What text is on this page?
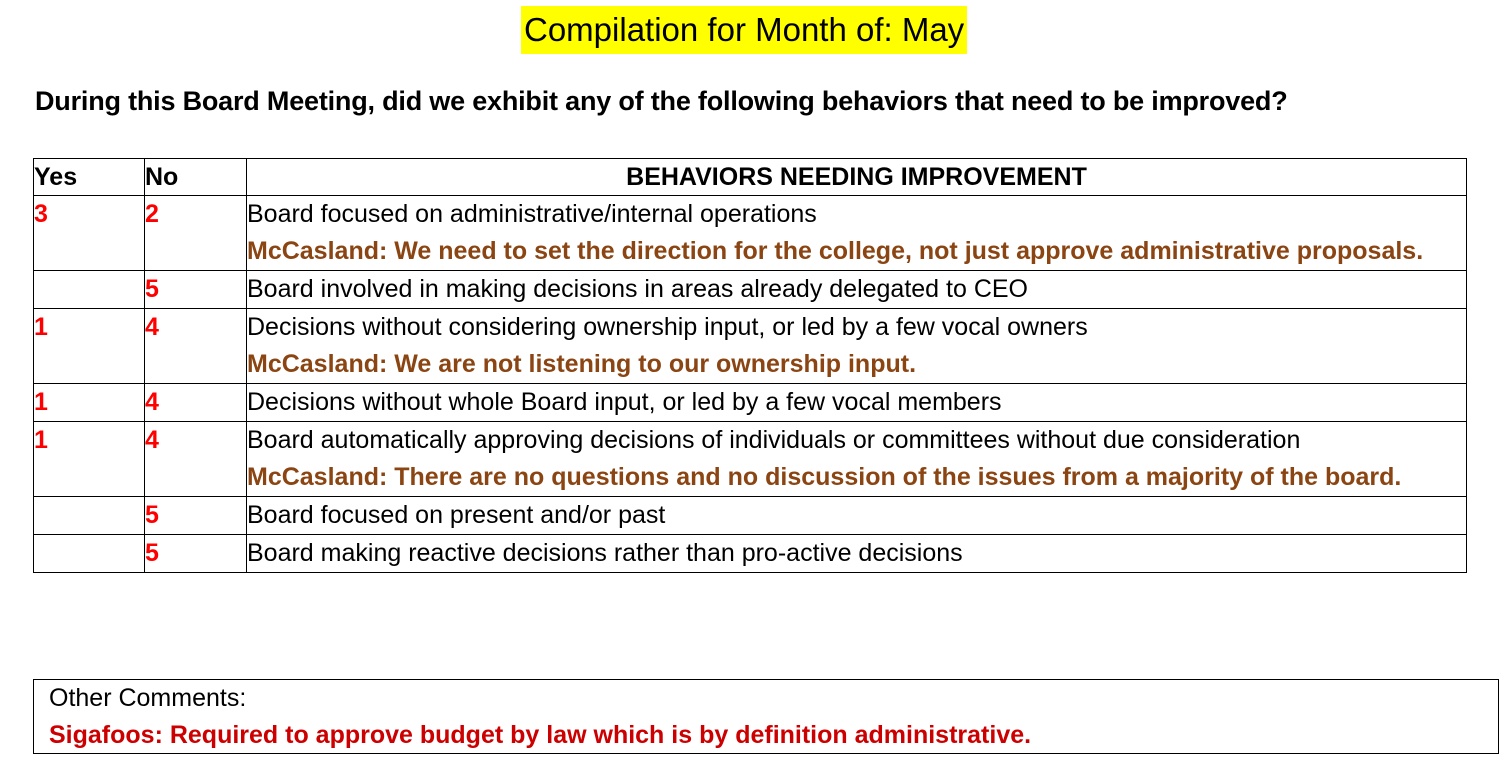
Compilation for Month of: May
During this Board Meeting, did we exhibit any of the following behaviors that need to be improved?
Yes	No	BEHAVIORS NEEDING IMPROVEMENT
3	2	Board focused on administrative/internal operations
McCasland: We need to set the direction for the college, not just approve administrative proposals.

	5	Board involved in making decisions in areas already delegated to CEO

1	4	Decisions without considering ownership input, or led by a few vocal owners
McCasland: We are not listening to our ownership input.

1	4	Decisions without whole Board input, or led by a few vocal members

1	4	Board automatically approving decisions of individuals or committees without due consideration
McCasland: There are no questions and no discussion of the issues from a majority of the board.

	5	Board focused on present and/or past

	5	Board making reactive decisions rather than pro-active decisions
Other Comments:
Sigafoos: Required to approve budget by law which is by definition administrative.
